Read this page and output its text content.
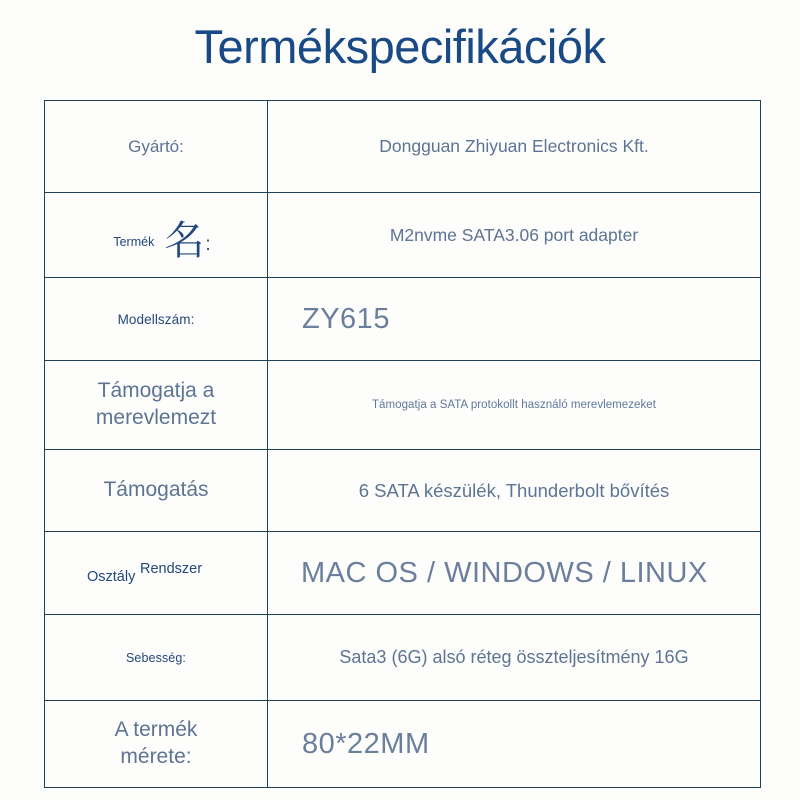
Termékspecifikációk
Gyártó:	Dongguan Zhiyuan Electronics Kft.

Termék 名 :	M2nvme SATA3.06 port adapter

Modellszám:	ZY615

Támogatja a merevlemezt	Támogatja a SATA protokollt használó merevlemezeket

Támogatás	6 SATA készülék, Thunderbolt bővítés

Osztály Rendszer	MAC OS / WINDOWS / LINUX

Sebesség:	Sata3 (6G) alsó réteg összteljesítmény 16G

A termék mérete:	80*22MM
